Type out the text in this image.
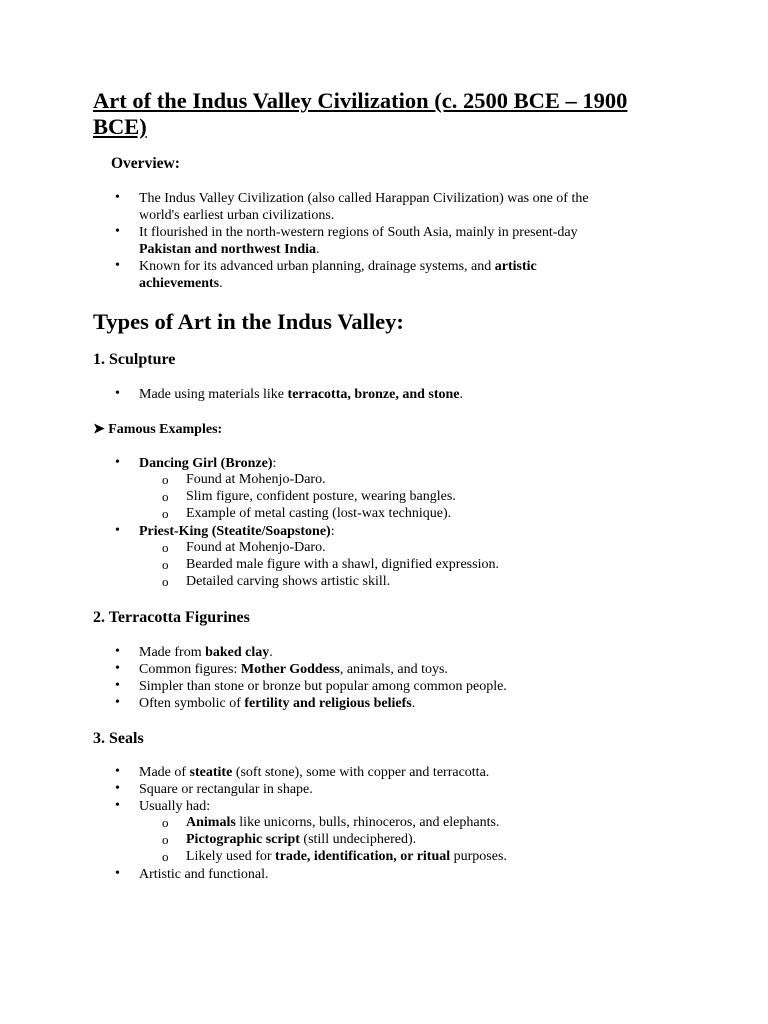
Art of the Indus Valley Civilization (c. 2500 BCE – 1900 BCE)
Overview:
• The Indus Valley Civilization (also called Harappan Civilization) was one of the
world's earliest urban civilizations.
• It flourished in the north-western regions of South Asia, mainly in present-day
Pakistan and northwest India.
• Known for its advanced urban planning, drainage systems, and artistic
achievements.
Types of Art in the Indus Valley:
1. Sculpture
• Made using materials like terracotta, bronze, and stone.
➤ Famous Examples:
• Dancing Girl (Bronze):
o Found at Mohenjo-Daro.
o Slim figure, confident posture, wearing bangles.
o Example of metal casting (lost-wax technique).
• Priest-King (Steatite/Soapstone):
o Found at Mohenjo-Daro.
o Bearded male figure with a shawl, dignified expression.
o Detailed carving shows artistic skill.
2. Terracotta Figurines
• Made from baked clay.
• Common figures: Mother Goddess, animals, and toys.
• Simpler than stone or bronze but popular among common people.
• Often symbolic of fertility and religious beliefs.
3. Seals
• Made of steatite (soft stone), some with copper and terracotta.
• Square or rectangular in shape.
• Usually had:
o Animals like unicorns, bulls, rhinoceros, and elephants.
o Pictographic script (still undeciphered).
o Likely used for trade, identification, or ritual purposes.
• Artistic and functional.
